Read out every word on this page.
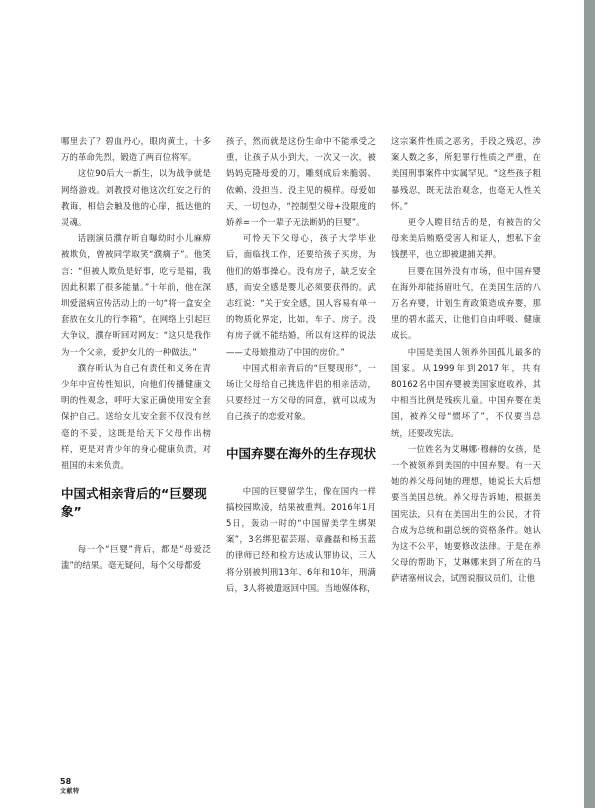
哪里去了？碧血丹心，眼肉黄土，十多万的革命先烈，锻造了两百位将军。

这位90后大一新生，以为战争就是网络游戏。刘教授对他这次红安之行的教诲，相信会触及他的心扉，抵达他的灵魂。

话剧演员濮存昕自曝幼时小儿麻痹被欺负，曾被同学取笑“濮瘸子”。他笑言：“但被人欺负是好事，吃亏是福，我因此积累了很多能量。”十年前，他在深圳爱滋病宣传活动上的一句“将一盒安全套放在女儿的行李箱”，在网络上引起巨大争议，濮存昕回对网友：“这只是我作为一个父亲，爱护女儿的一种做法。”

濮存昕认为自己有责任和义务在青少年中宣传性知识，向他们传播健康文明的性观念，呼吁大家正确使用安全套保护自己。送给女儿安全套不仅没有丝毫的不妥，这既是给天下父母作出榜样，更是对青少年的身心健康负责，对祖国的未来负责。

中国式相亲背后的“巨婴现象”

每一个“巨婴”背后，都是“母爱泛滥”的结果。毫无疑问，每个父母都爱

孩子，然而就是这份生命中不能承受之重，让孩子从小到大，一次又一次，被妈妈克隆母爱的刀，雕刻成后来脆弱、依赖、没担当、没主见的模样。母爱如天，一切包办，“控制型父母+没限度的娇养=一个一辈子无法断奶的巨婴”。

可怜天下父母心，孩子大学毕业后，面临找工作，还要给孩子买房，为他们的婚事操心。没有房子，缺乏安全感，而安全感是婴儿必须要获得的。武志红说：“关于安全感，国人容易有单一的物质化界定，比如，车子、房子。没有房子就不能结婚，所以有这样的说法——丈母娘推动了中国的房价。”

中国式相亲背后的“巨婴现形”，一场让父母给自己挑选伴侣的相亲活动，只要经过一方父母的同意，就可以成为自己孩子的恋爱对象。

中国弃婴在海外的生存现状

中国的巨婴留学生，像在国内一样搞校园欺凌，结果被重判。2016年1月5日，轰动一时的“中国留美学生绑架案”，3名绑犯翟芸瑶、章鑫磊和杨玉蓝的律师已经和检方达成认罪协议，三人将分别被判刑13年、6年和10年，刑满后，3人将被遣返回中国。当地媒体称，

这宗案件性质之恶劣，手段之残忍，涉案人数之多，所犯罪行性质之严重，在美国刑事案件中实属罕见。“这些孩子粗暴残忍，既无法治观念，也毫无人性关怀。”

更令人瞠目结舌的是，有被告的父母来美后贿赂受害人和证人，想私下金钱摆平，也立即被逮捕关押。

巨婴在国外没有市场，但中国弃婴在海外却能扬眉吐气，在美国生活的八万名弃婴，计划生育政策造成弃婴，那里的碧水蓝天，让他们自由呼吸、健康成长。

中国是美国人领养外国孤儿最多的国家。从1999年到2017年，共有80162名中国弃婴被美国家庭收养，其中相当比例是残疾儿童。中国弃婴在美国，被养父母“惯坏了”，不仅要当总统，还要改宪法。

一位姓名为艾琳娜·穆赫的女孩，是一个被领养到美国的中国弃婴。有一天她的养父母问她的理想，她说长大后想要当美国总统。养父母告诉她，根据美国宪法，只有在美国出生的公民，才符合成为总统和副总统的资格条件。她认为这不公平，她要修改法律。于是在养父母的帮助下，艾琳娜来到了所在的马萨诸塞州议会，试图说服议员们，让他

58
文献特
